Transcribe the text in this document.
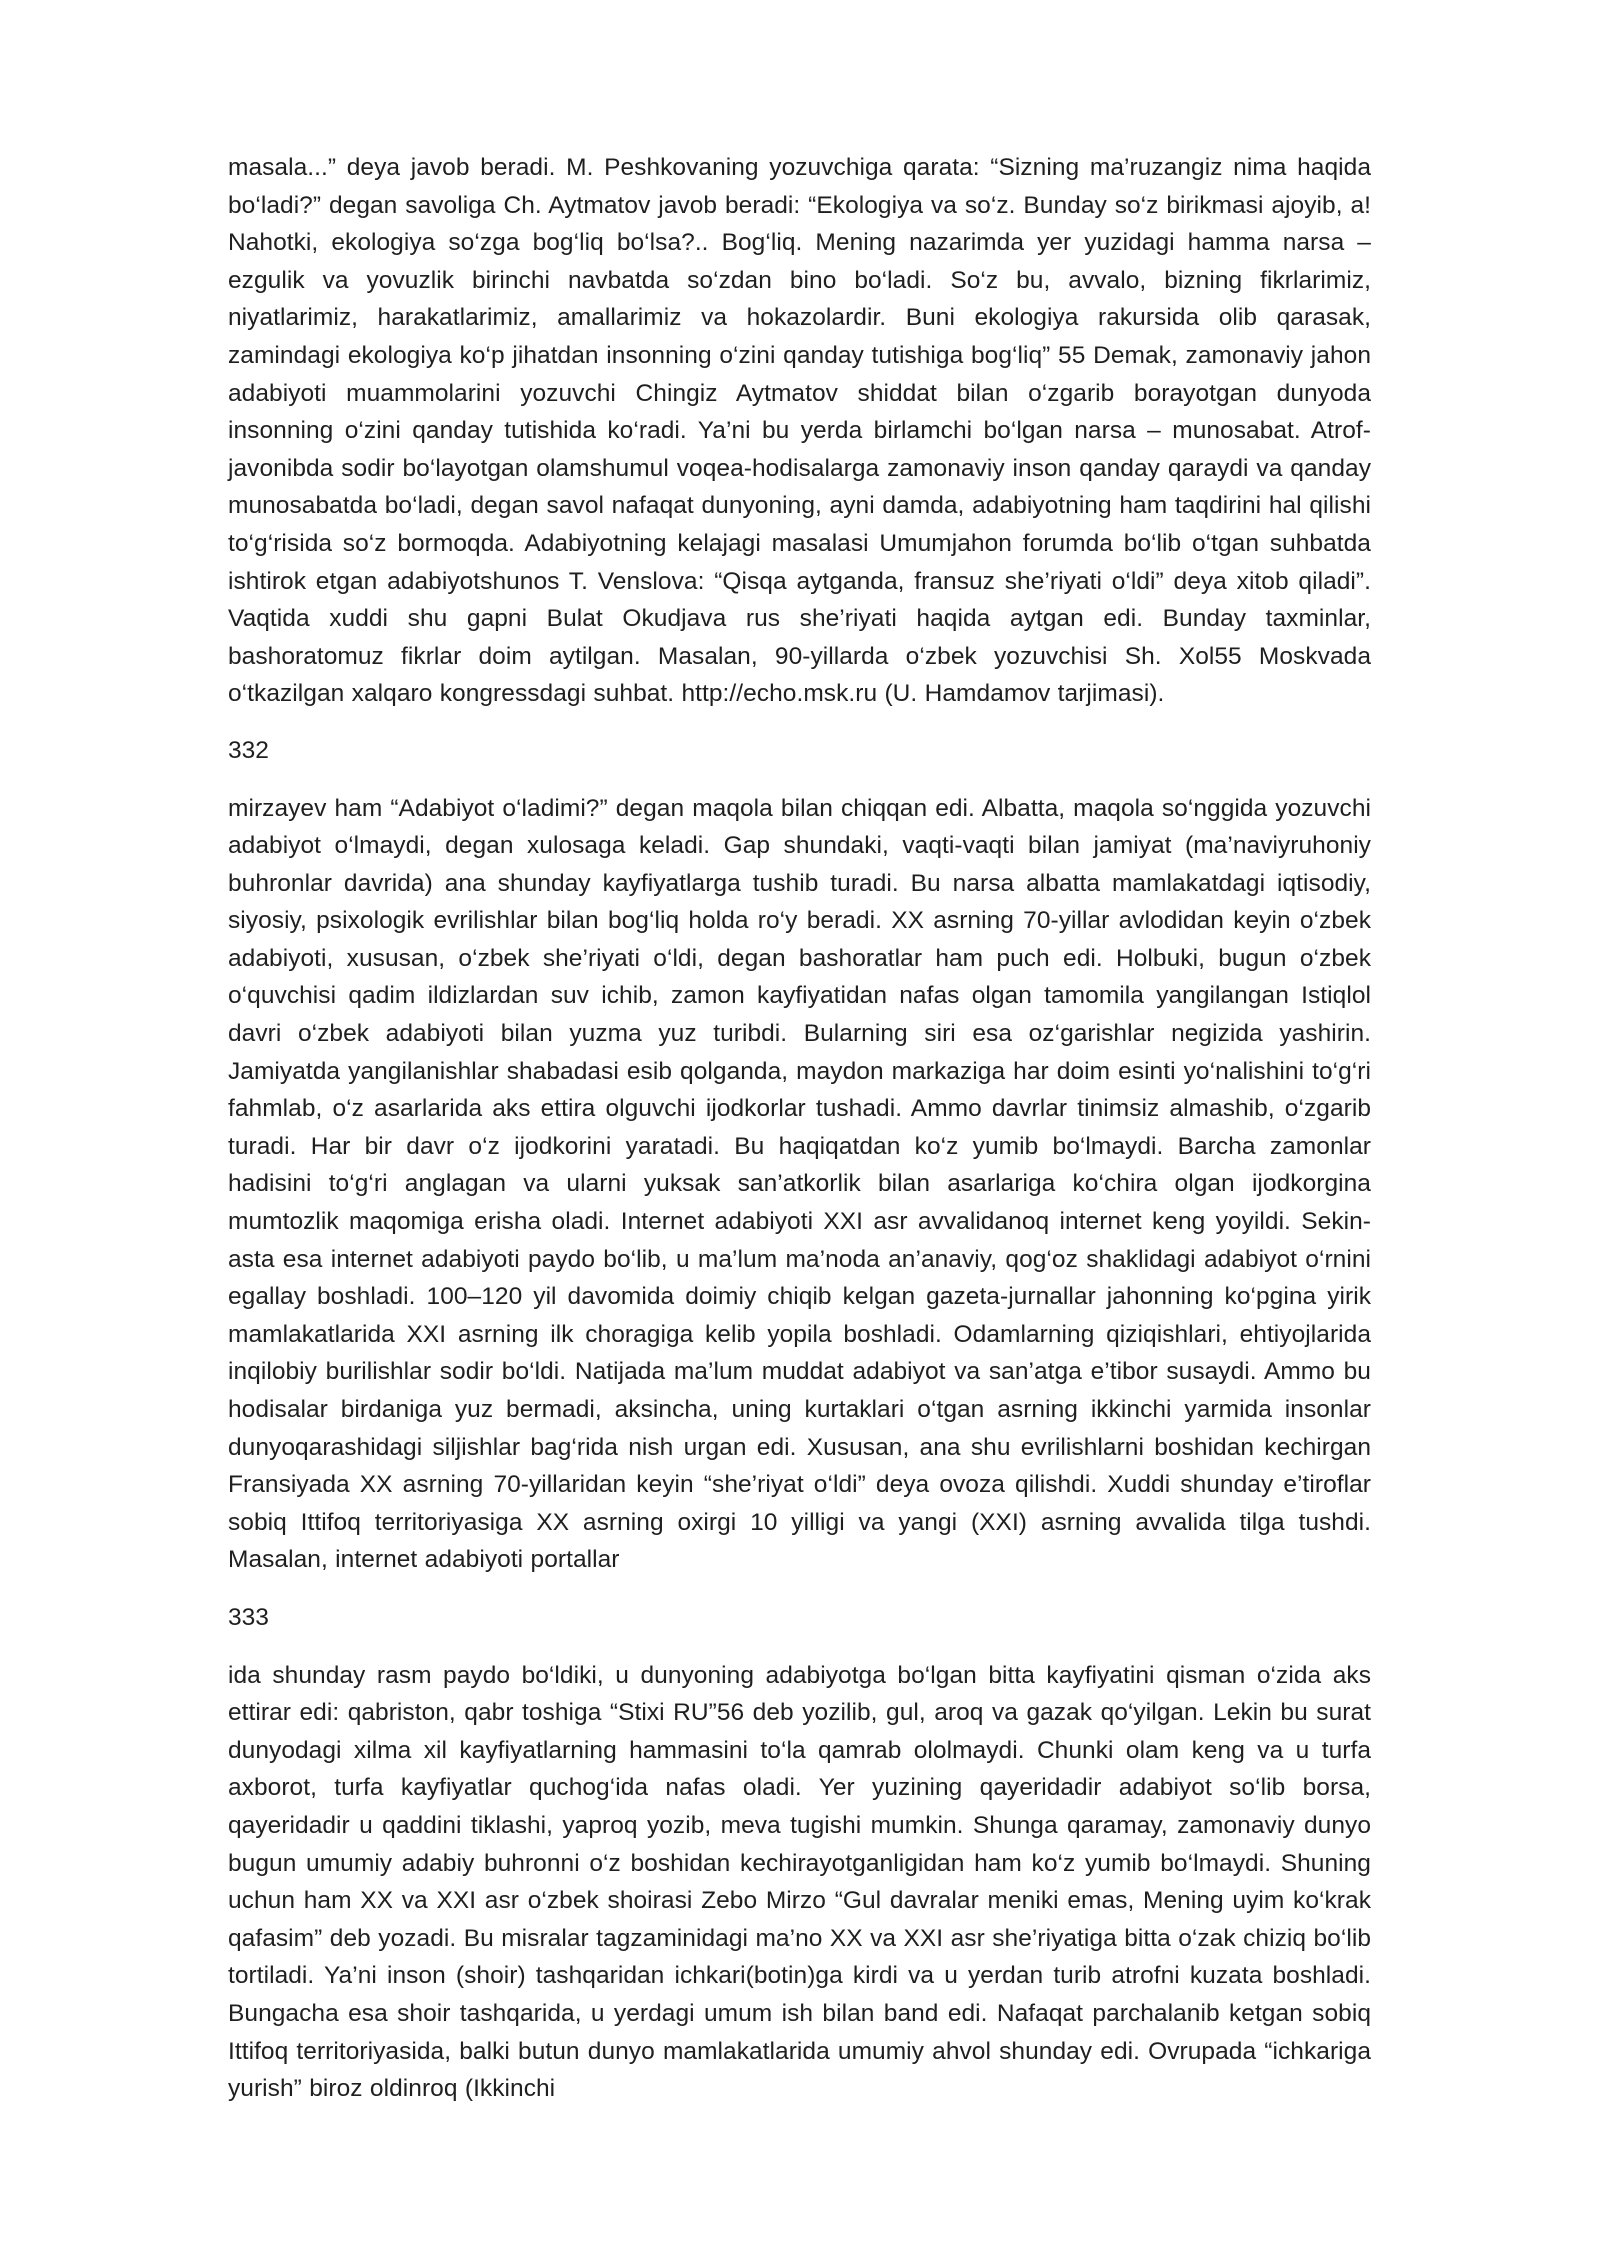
masala...” deya javob beradi. M. Peshkovaning yozuvchiga qarata: “Sizning ma’ruzangiz nima haqida bo‘ladi?” degan savoliga Ch. Aytmatov javob beradi: “Ekologiya va so‘z. Bunday so‘z birikmasi ajoyib, a! Nahotki, ekologiya so‘zga bog‘liq bo‘lsa?.. Bog‘liq. Mening nazarimda yer yuzidagi hamma narsa – ezgulik va yovuzlik birinchi navbatda so‘zdan bino bo‘ladi. So‘z bu, avvalo, bizning fikrlarimiz, niyatlarimiz, harakatlarimiz, amallarimiz va hokazolardir. Buni ekologiya rakursida olib qarasak, zamindagi ekologiya ko‘p jihatdan insonning o‘zini qanday tutishiga bog‘liq” 55 Demak, zamonaviy jahon adabiyoti muammolarini yozuvchi Chingiz Aytmatov shiddat bilan o‘zgarib borayotgan dunyoda insonning o‘zini qanday tutishida ko‘radi. Ya’ni bu yerda birlamchi bo‘lgan narsa – munosabat. Atrof-javonibda sodir bo‘layotgan olamshumul voqea-hodisalarga zamonaviy inson qanday qaraydi va qanday munosabatda bo‘ladi, degan savol nafaqat dunyoning, ayni damda, adabiyotning ham taqdirini hal qilishi to‘g‘risida so‘z bormoqda. Adabiyotning kelajagi masalasi Umumjahon forumda bo‘lib o‘tgan suhbatda ishtirok etgan adabiyotshunos T. Venslova: “Qisqa aytganda, fransuz she’riyati o‘ldi” deya xitob qiladi”. Vaqtida xuddi shu gapni Bulat Okudjava rus she’riyati haqida aytgan edi. Bunday taxminlar, bashoratomuz fikrlar doim aytilgan. Masalan, 90-yillarda o‘zbek yozuvchisi Sh. Xol55 Moskvada o‘tkazilgan xalqaro kongressdagi suhbat. http://echo.msk.ru (U. Hamdamov tarjimasi).

332

mirzayev ham “Adabiyot o‘ladimi?” degan maqola bilan chiqqan edi. Albatta, maqola so‘nggida yozuvchi adabiyot o‘lmaydi, degan xulosaga keladi. Gap shundaki, vaqti-vaqti bilan jamiyat (ma’naviyruhoniy buhronlar davrida) ana shunday kayfiyatlarga tushib turadi. Bu narsa albatta mamlakatdagi iqtisodiy, siyosiy, psixologik evrilishlar bilan bog‘liq holda ro‘y beradi. XX asrning 70-yillar avlodidan keyin o‘zbek adabiyoti, xususan, o‘zbek she’riyati o‘ldi, degan bashoratlar ham puch edi. Holbuki, bugun o‘zbek o‘quvchisi qadim ildizlardan suv ichib, zamon kayfiyatidan nafas olgan tamomila yangilangan Istiqlol davri o‘zbek adabiyoti bilan yuzma yuz turibdi. Bularning siri esa oz‘garishlar negizida yashirin. Jamiyatda yangilanishlar shabadasi esib qolganda, maydon markaziga har doim esinti yo‘nalishini to‘g‘ri fahmlab, o‘z asarlarida aks ettira olguvchi ijodkorlar tushadi. Ammo davrlar tinimsiz almashib, o‘zgarib turadi. Har bir davr o‘z ijodkorini yaratadi. Bu haqiqatdan ko‘z yumib bo‘lmaydi. Barcha zamonlar hadisini to‘g‘ri anglagan va ularni yuksak san’atkorlik bilan asarlariga ko‘chira olgan ijodkorgina mumtozlik maqomiga erisha oladi. Internet adabiyoti XXI asr avvalidanoq internet keng yoyildi. Sekin-asta esa internet adabiyoti paydo bo‘lib, u ma’lum ma’noda an’anaviy, qog‘oz shaklidagi adabiyot o‘rnini egallay boshladi. 100–120 yil davomida doimiy chiqib kelgan gazeta-jurnallar jahonning ko‘pgina yirik mamlakatlarida XXI asrning ilk choragiga kelib yopila boshladi. Odamlarning qiziqishlari, ehtiyojlarida inqilobiy burilishlar sodir bo‘ldi. Natijada ma’lum muddat adabiyot va san’atga e’tibor susaydi. Ammo bu hodisalar birdaniga yuz bermadi, aksincha, uning kurtaklari o‘tgan asrning ikkinchi yarmida insonlar dunyoqarashidagi siljishlar bag‘rida nish urgan edi. Xususan, ana shu evrilishlarni boshidan kechirgan Fransiyada XX asrning 70-yillaridan keyin “she’riyat o‘ldi” deya ovoza qilishdi. Xuddi shunday e’tiroflar sobiq Ittifoq territoriyasiga XX asrning oxirgi 10 yilligi va yangi (XXI) asrning avvalida tilga tushdi. Masalan, internet adabiyoti portallar

333

ida shunday rasm paydo bo‘ldiki, u dunyoning adabiyotga bo‘lgan bitta kayfiyatini qisman o‘zida aks ettirar edi: qabriston, qabr toshiga “Stixi RU”56 deb yozilib, gul, aroq va gazak qo‘yilgan. Lekin bu surat dunyodagi xilma xil kayfiyatlarning hammasini to‘la qamrab ololmaydi. Chunki olam keng va u turfa axborot, turfa kayfiyatlar quchog‘ida nafas oladi. Yer yuzining qayeridadir adabiyot so‘lib borsa, qayeridadir u qaddini tiklashi, yaproq yozib, meva tugishi mumkin. Shunga qaramay, zamonaviy dunyo bugun umumiy adabiy buhronni o‘z boshidan kechirayotganligidan ham ko‘z yumib bo‘lmaydi. Shuning uchun ham XX va XXI asr o‘zbek shoirasi Zebo Mirzo “Gul davralar meniki emas, Mening uyim ko‘krak qafasim” deb yozadi. Bu misralar tagzaminidagi ma’no XX va XXI asr she’riyatiga bitta o‘zak chiziq bo‘lib tortiladi. Ya’ni inson (shoir) tashqaridan ichkari(botin)ga kirdi va u yerdan turib atrofni kuzata boshladi. Bungacha esa shoir tashqarida, u yerdagi umum ish bilan band edi. Nafaqat parchalanib ketgan sobiq Ittifoq territoriyasida, balki butun dunyo mamlakatlarida umumiy ahvol shunday edi. Ovrupada “ichkariga yurish” biroz oldinroq (Ikkinchi
